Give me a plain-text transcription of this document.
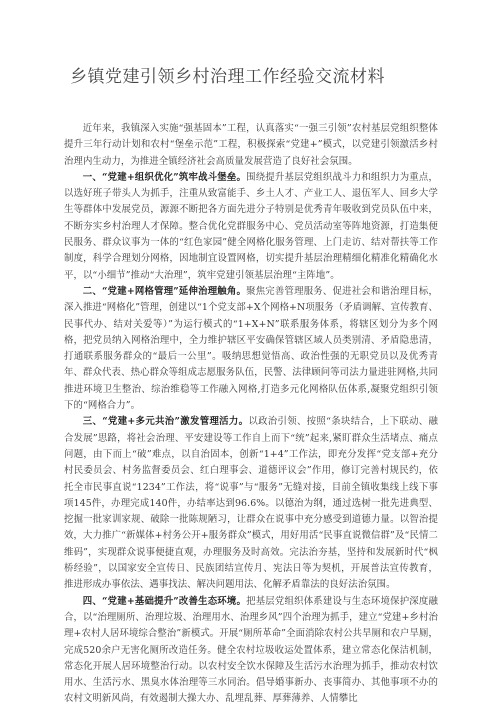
乡镇党建引领乡村治理工作经验交流材料

近年来，我镇深入实施“强基固本”工程，认真落实“一强三引领”农村基层党组织整体提升三年行动计划和农村“堡垒示范”工程，积极探索“党建+”模式，以党建引领激活乡村治理内生动力，为推进全镇经济社会高质量发展营造了良好社会氛围。

一、“党建+组织优化”筑牢战斗堡垒。围绕提升基层党组织战斗力和组织力为重点，以选好班子带头人为抓手，注重从致富能手、乡土人才、产业工人、退伍军人、回乡大学生等群体中发展党员，源源不断把各方面先进分子特别是优秀青年吸收到党员队伍中来，不断夯实乡村治理人才保障。整合优化党群服务中心、党员活动室等阵地资源，打造集便民服务、群众议事为一体的“红色家园”健全网格化服务管理、上门走访、结对帮扶等工作制度，科学合理划分网格，因地制宜设置网格，切实提升基层治理精细化精准化精确化水平，以“小细节”推动“大治理”，筑牢党建引领基层治理“主阵地”。

二、“党建+网格管理”延伸治理触角。聚焦完善管理服务、促进社会和谐治理目标，深入推进“网格化”管理，创建以“1个党支部+X个网格+N项服务（矛盾调解、宣传教育、民事代办、结对关爱等）”为运行模式的“1+X+N”联系服务体系，将辖区划分为多个网格，把党员纳入网格治理中，全力维护辖区平安确保管辖区域人员类别清、矛盾隐患清，打通联系服务群众的“最后一公里”。吸纳思想觉悟高、政治性强的无职党员以及优秀青年、群众代表、热心群众等组成志愿服务队伍，民警、法律顾问等司法力量进驻网格,共同推进环境卫生整治、综治维稳等工作融入网格,打造多元化网格队伍体系,凝聚党组织引领下的“网格合力”。

三、“党建+多元共治”激发管理活力。以政治引领、按照“条块结合，上下联动、融合发展”思路，将社会治理、平安建设等工作自上而下“统”起来,紧盯群众生活堵点、痛点问题，由下而上“破”难点，以自治固本，创新“1+4”工作法，即充分发挥“党支部+充分村民委员会、村务监督委员会、红白理事会、道德评议会”作用，修订完善村规民约，依托全市民事直说“1234”工作法，将“说事”与“服务”无缝对接，目前全镇收集线上线下事项145件，办理完成140件，办结率达到96.6%。以德治为纲，通过选树一批先进典型、挖掘一批家训家规、破除一批陈规陋习，让群众在说事中充分感受到道德力量。以智治提效，大力推广“新媒体+村务公开+服务群众”模式，用好用活“民事直说微信群”及“民情二维码”，实现群众说事便捷直观，办理服务及时高效。完法治夯基，坚持和发展新时代“枫桥经验”，以国家安全宣传日、民族团结宣传月、宪法日等为契机，开展普法宣传教育，推进形成办事依法、遇事找法、解决问题用法、化解矛盾靠法的良好法治氛围。

四、“党建+基础提升”改善生态环境。把基层党组织体系建设与生态环境保护深度融合，以“治理厕所、治理垃圾、治理用水、治理乡风”四个治理为抓手，建立“党建+乡村治理+农村人居环境综合整治”新模式。开展“厕所革命”全面消除农村公共旱厕和农户旱厕，完成520余户无害化厕所改造任务。健全农村垃圾收运处置体系，建立常态化保洁机制，常态化开展人居环境整治行动。以农村安全饮水保障及生活污水治理为抓手，推动农村饮用水、生活污水、黑臭水体治理等三水同治。倡导婚事新办、丧事简办、其他事项不办的农村文明新风尚，有效遏制大操大办、乱埋乱葬、厚葬薄养、人情攀比
